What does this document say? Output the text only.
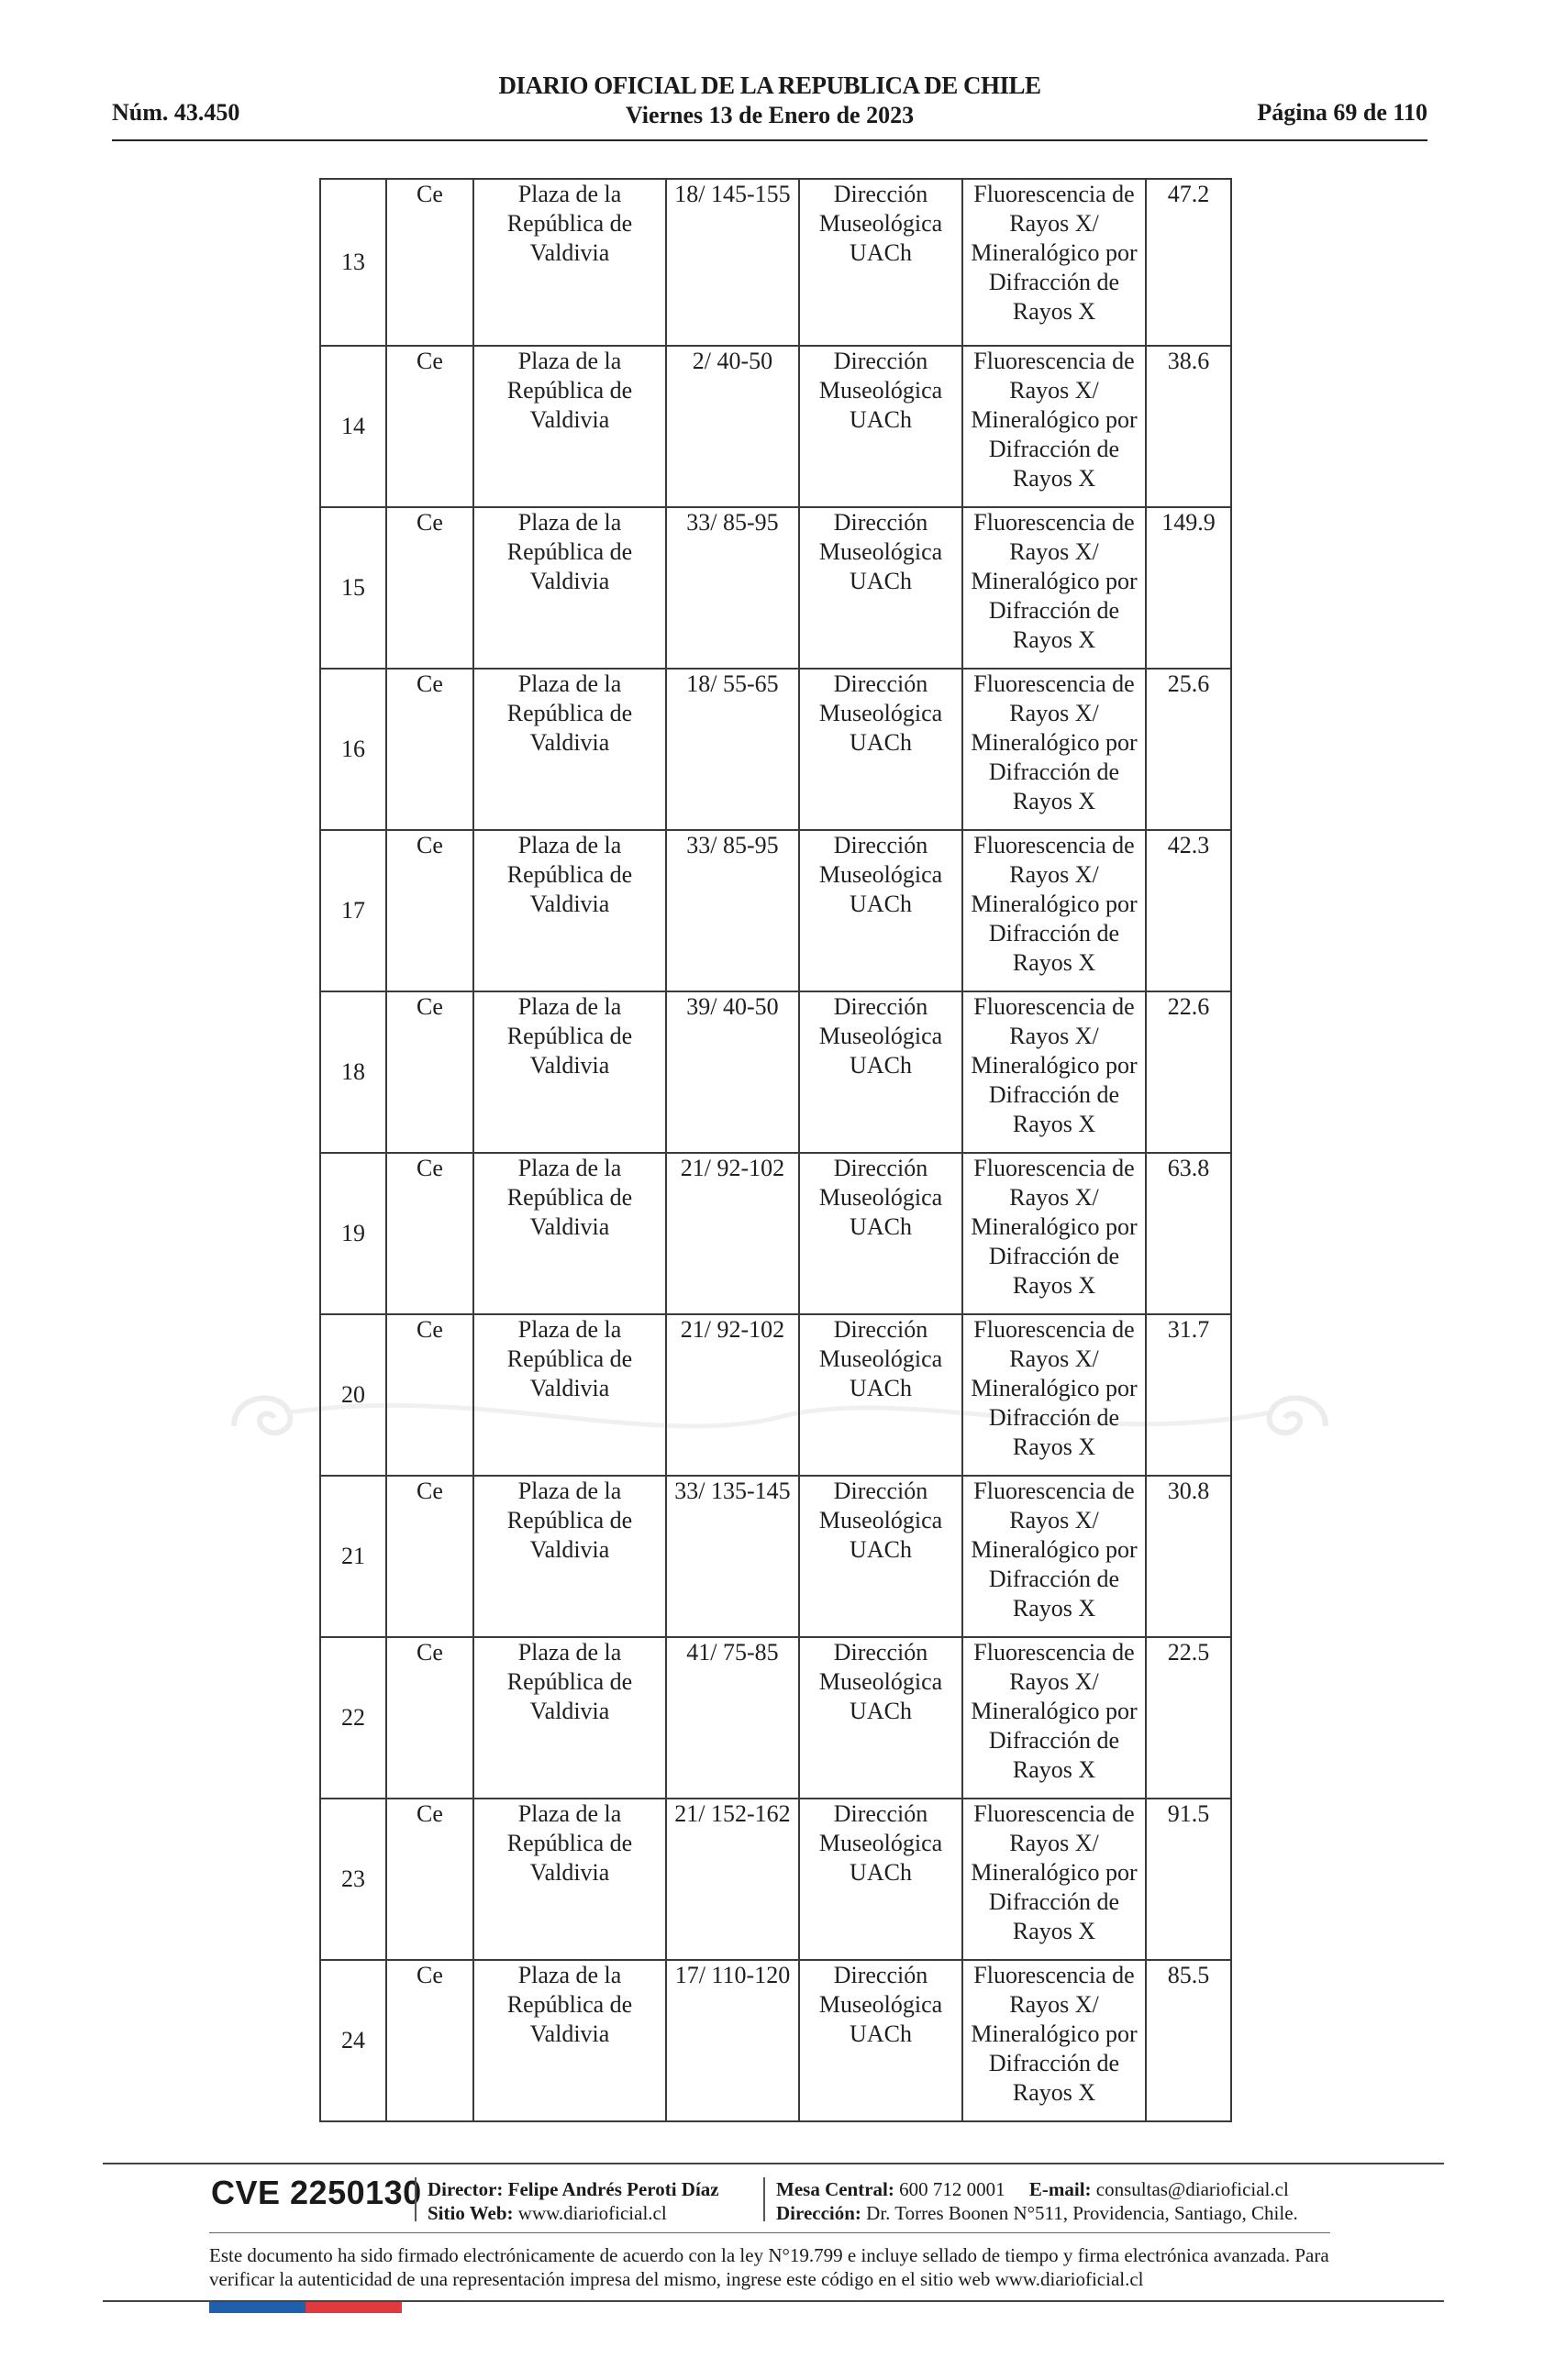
Núm. 43.450
DIARIO OFICIAL DE LA REPUBLICA DE CHILE
Viernes 13 de Enero de 2023	Página 69 de 110
13	Ce	Plaza de la República de Valdivia	18/ 145-155	Dirección Museológica UACh	Fluorescencia de Rayos X/ Mineralógico por Difracción de Rayos X	47.2
14	Ce	Plaza de la República de Valdivia	2/ 40-50	Dirección Museológica UACh	Fluorescencia de Rayos X/ Mineralógico por Difracción de Rayos X	38.6
15	Ce	Plaza de la República de Valdivia	33/ 85-95	Dirección Museológica UACh	Fluorescencia de Rayos X/ Mineralógico por Difracción de Rayos X	149.9
16	Ce	Plaza de la República de Valdivia	18/ 55-65	Dirección Museológica UACh	Fluorescencia de Rayos X/ Mineralógico por Difracción de Rayos X	25.6
17	Ce	Plaza de la República de Valdivia	33/ 85-95	Dirección Museológica UACh	Fluorescencia de Rayos X/ Mineralógico por Difracción de Rayos X	42.3
18	Ce	Plaza de la República de Valdivia	39/ 40-50	Dirección Museológica UACh	Fluorescencia de Rayos X/ Mineralógico por Difracción de Rayos X	22.6
19	Ce	Plaza de la República de Valdivia	21/ 92-102	Dirección Museológica UACh	Fluorescencia de Rayos X/ Mineralógico por Difracción de Rayos X	63.8
20	Ce	Plaza de la República de Valdivia	21/ 92-102	Dirección Museológica UACh	Fluorescencia de Rayos X/ Mineralógico por Difracción de Rayos X	31.7
21	Ce	Plaza de la República de Valdivia	33/ 135-145	Dirección Museológica UACh	Fluorescencia de Rayos X/ Mineralógico por Difracción de Rayos X	30.8
22	Ce	Plaza de la República de Valdivia	41/ 75-85	Dirección Museológica UACh	Fluorescencia de Rayos X/ Mineralógico por Difracción de Rayos X	22.5
23	Ce	Plaza de la República de Valdivia	21/ 152-162	Dirección Museológica UACh	Fluorescencia de Rayos X/ Mineralógico por Difracción de Rayos X	91.5
24	Ce	Plaza de la República de Valdivia	17/ 110-120	Dirección Museológica UACh	Fluorescencia de Rayos X/ Mineralógico por Difracción de Rayos X	85.5
CVE 2250130 Director: Felipe Andrés Peroti Díaz
Sitio Web: www.diarioficial.cl
Mesa Central: 600 712 0001 E-mail: consultas@diarioficial.cl
Dirección: Dr. Torres Boonen N°511, Providencia, Santiago, Chile.
Este documento ha sido firmado electrónicamente de acuerdo con la ley N°19.799 e incluye sellado de tiempo y firma electrónica avanzada. Para verificar la autenticidad de una representación impresa del mismo, ingrese este código en el sitio web www.diarioficial.cl
